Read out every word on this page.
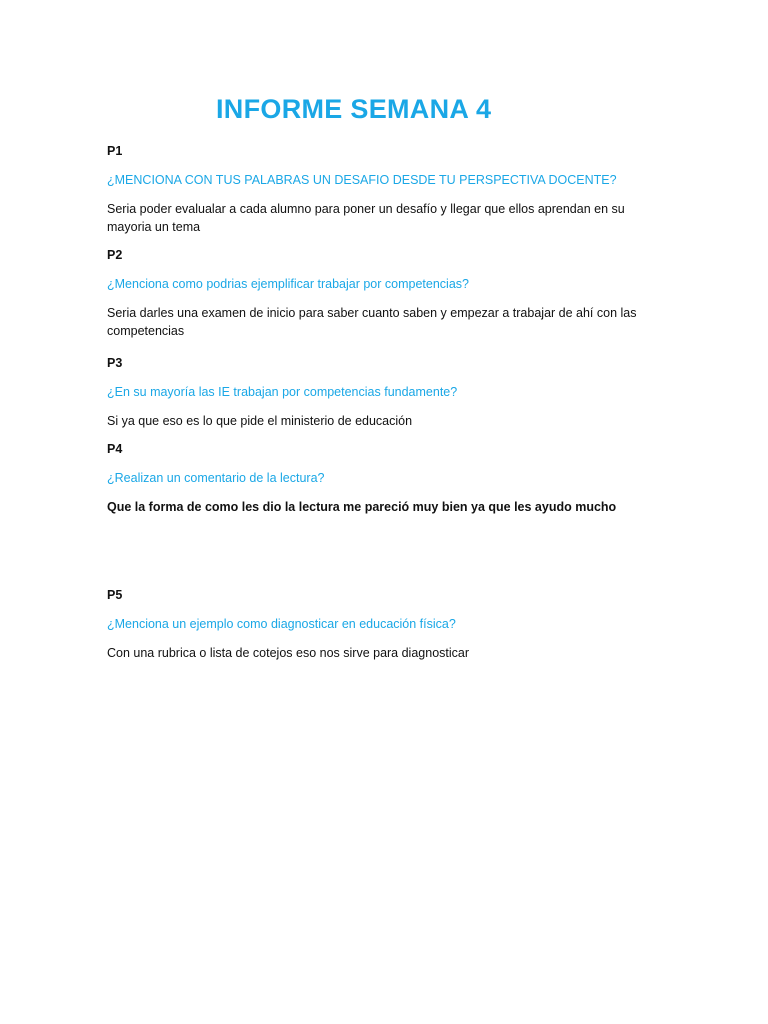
INFORME SEMANA 4

P1

¿MENCIONA CON TUS PALABRAS UN DESAFIO DESDE TU PERSPECTIVA DOCENTE?

Seria poder evalualar a cada alumno para poner un desafío y llegar que ellos aprendan en su
mayoria un tema

P2

¿Menciona como podrias ejemplificar trabajar por competencias?

Seria darles una examen de inicio para saber cuanto saben y empezar a trabajar de ahí con las
competencias

P3

¿En su mayoría las IE trabajan por competencias fundamente?

Si ya que eso es lo que pide el ministerio de educación

P4

¿Realizan un comentario de la lectura?

Que la forma de como les dio la lectura me pareció muy bien ya que les ayudo mucho

P5

¿Menciona un ejemplo como diagnosticar en educación física?

Con una rubrica o lista de cotejos eso nos sirve para diagnosticar
